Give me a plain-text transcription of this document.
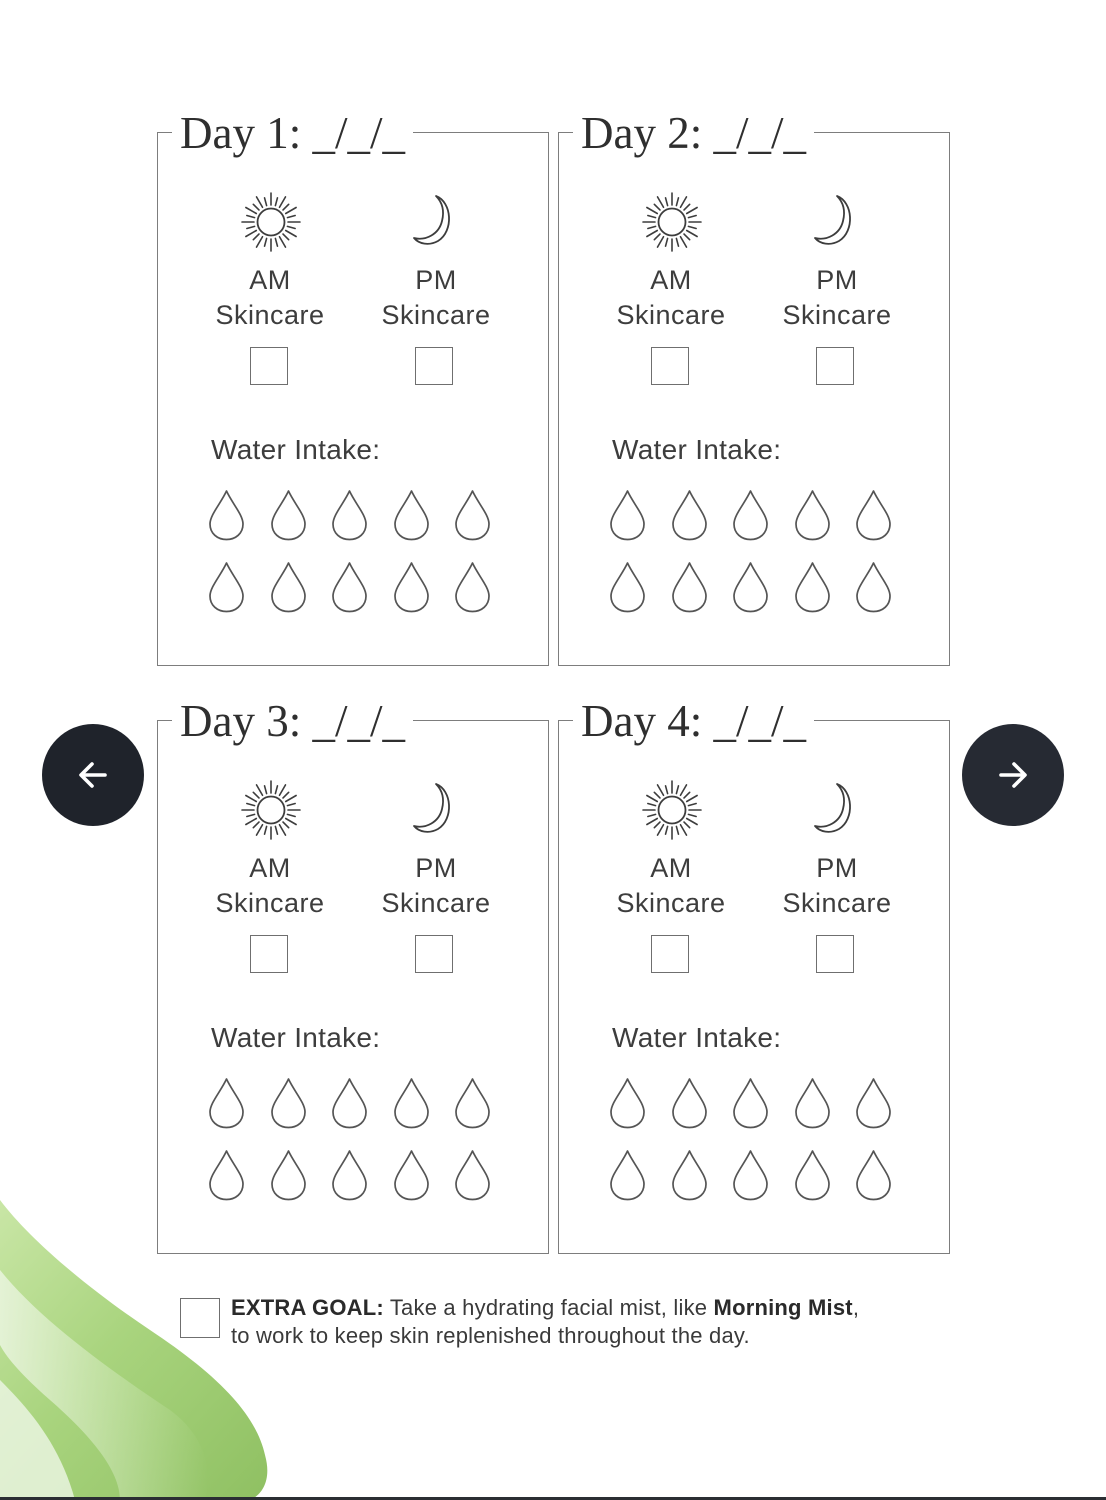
Day 1: _/_/_
AM
Skincare
PM
Skincare
Water Intake:
Day 2: _/_/_
AM
Skincare
PM
Skincare
Water Intake:
Day 3: _/_/_
AM
Skincare
PM
Skincare
Water Intake:
Day 4: _/_/_
AM
Skincare
PM
Skincare
Water Intake:
EXTRA GOAL: Take a hydrating facial mist, like Morning Mist,
to work to keep skin replenished throughout the day.
